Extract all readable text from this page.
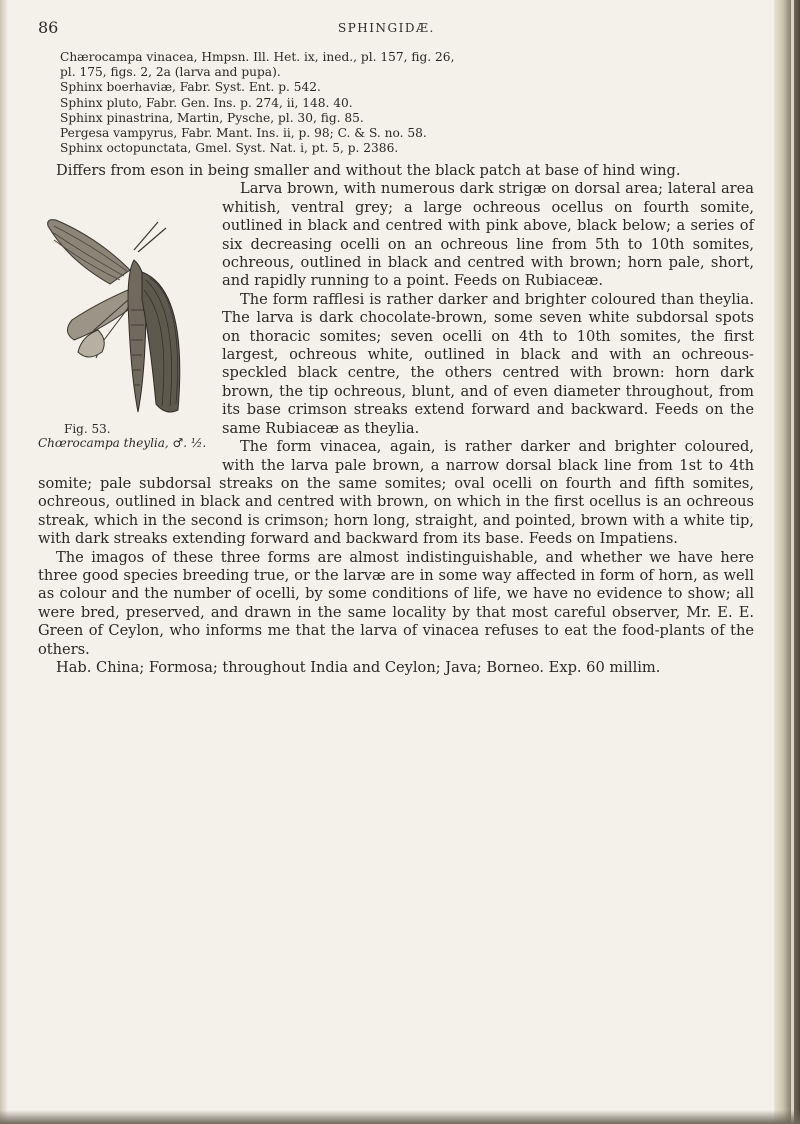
86	SPHINGIDÆ.

Chærocampa vinacea, Hmpsn. Ill. Het. ix, ined., pl. 157, fig. 26,

pl. 175, figs. 2, 2a (larva and pupa).

Sphinx boerhaviæ, Fabr. Syst. Ent. p. 542.

Sphinx pluto, Fabr. Gen. Ins. p. 274, ii, 148. 40.

Sphinx pinastrina, Martin, Pysche, pl. 30, fig. 85.

Pergesa vampyrus, Fabr. Mant. Ins. ii, p. 98; C. & S. no. 58.

Sphinx octopunctata, Gmel. Syst. Nat. i, pt. 5, p. 2386.

Differs from eson in being smaller and without the black patch at base of hind wing.

Fig. 53.
Chœrocampa theylia, ♂. ½.

Larva brown, with numerous dark strigæ on dorsal area; lateral area whitish, ventral grey; a large ochreous ocellus on fourth somite, outlined in black and centred with pink above, black below; a series of six decreasing ocelli on an ochreous line from 5th to 10th somites, ochreous, outlined in black and centred with brown; horn pale, short, and rapidly running to a point. Feeds on Rubiaceæ.

The form rafflesi is rather darker and brighter coloured than theylia. The larva is dark chocolate-brown, some seven white subdorsal spots on thoracic somites; seven ocelli on 4th to 10th somites, the first largest, ochreous white, outlined in black and with an ochreous-speckled black centre, the others centred with brown: horn dark brown, the tip ochreous, blunt, and of even diameter throughout, from its base crimson streaks extend forward and backward. Feeds on the same Rubiaceæ as theylia.

The form vinacea, again, is rather darker and brighter coloured, with the larva pale brown, a narrow dorsal black line from 1st to 4th somite; pale subdorsal streaks on the same somites; oval ocelli on fourth and fifth somites, ochreous, outlined in black and centred with brown, on which in the first ocellus is an ochreous streak, which in the second is crimson; horn long, straight, and pointed, brown with a white tip, with dark streaks extending forward and backward from its base. Feeds on Impatiens.

The imagos of these three forms are almost indistinguishable, and whether we have here three good species breeding true, or the larvæ are in some way affected in form of horn, as well as colour and the number of ocelli, by some conditions of life, we have no evidence to show; all were bred, preserved, and drawn in the same locality by that most careful observer, Mr. E. E. Green of Ceylon, who informs me that the larva of vinacea refuses to eat the food-plants of the others.

Hab. China; Formosa; throughout India and Ceylon; Java; Borneo. Exp. 60 millim.
